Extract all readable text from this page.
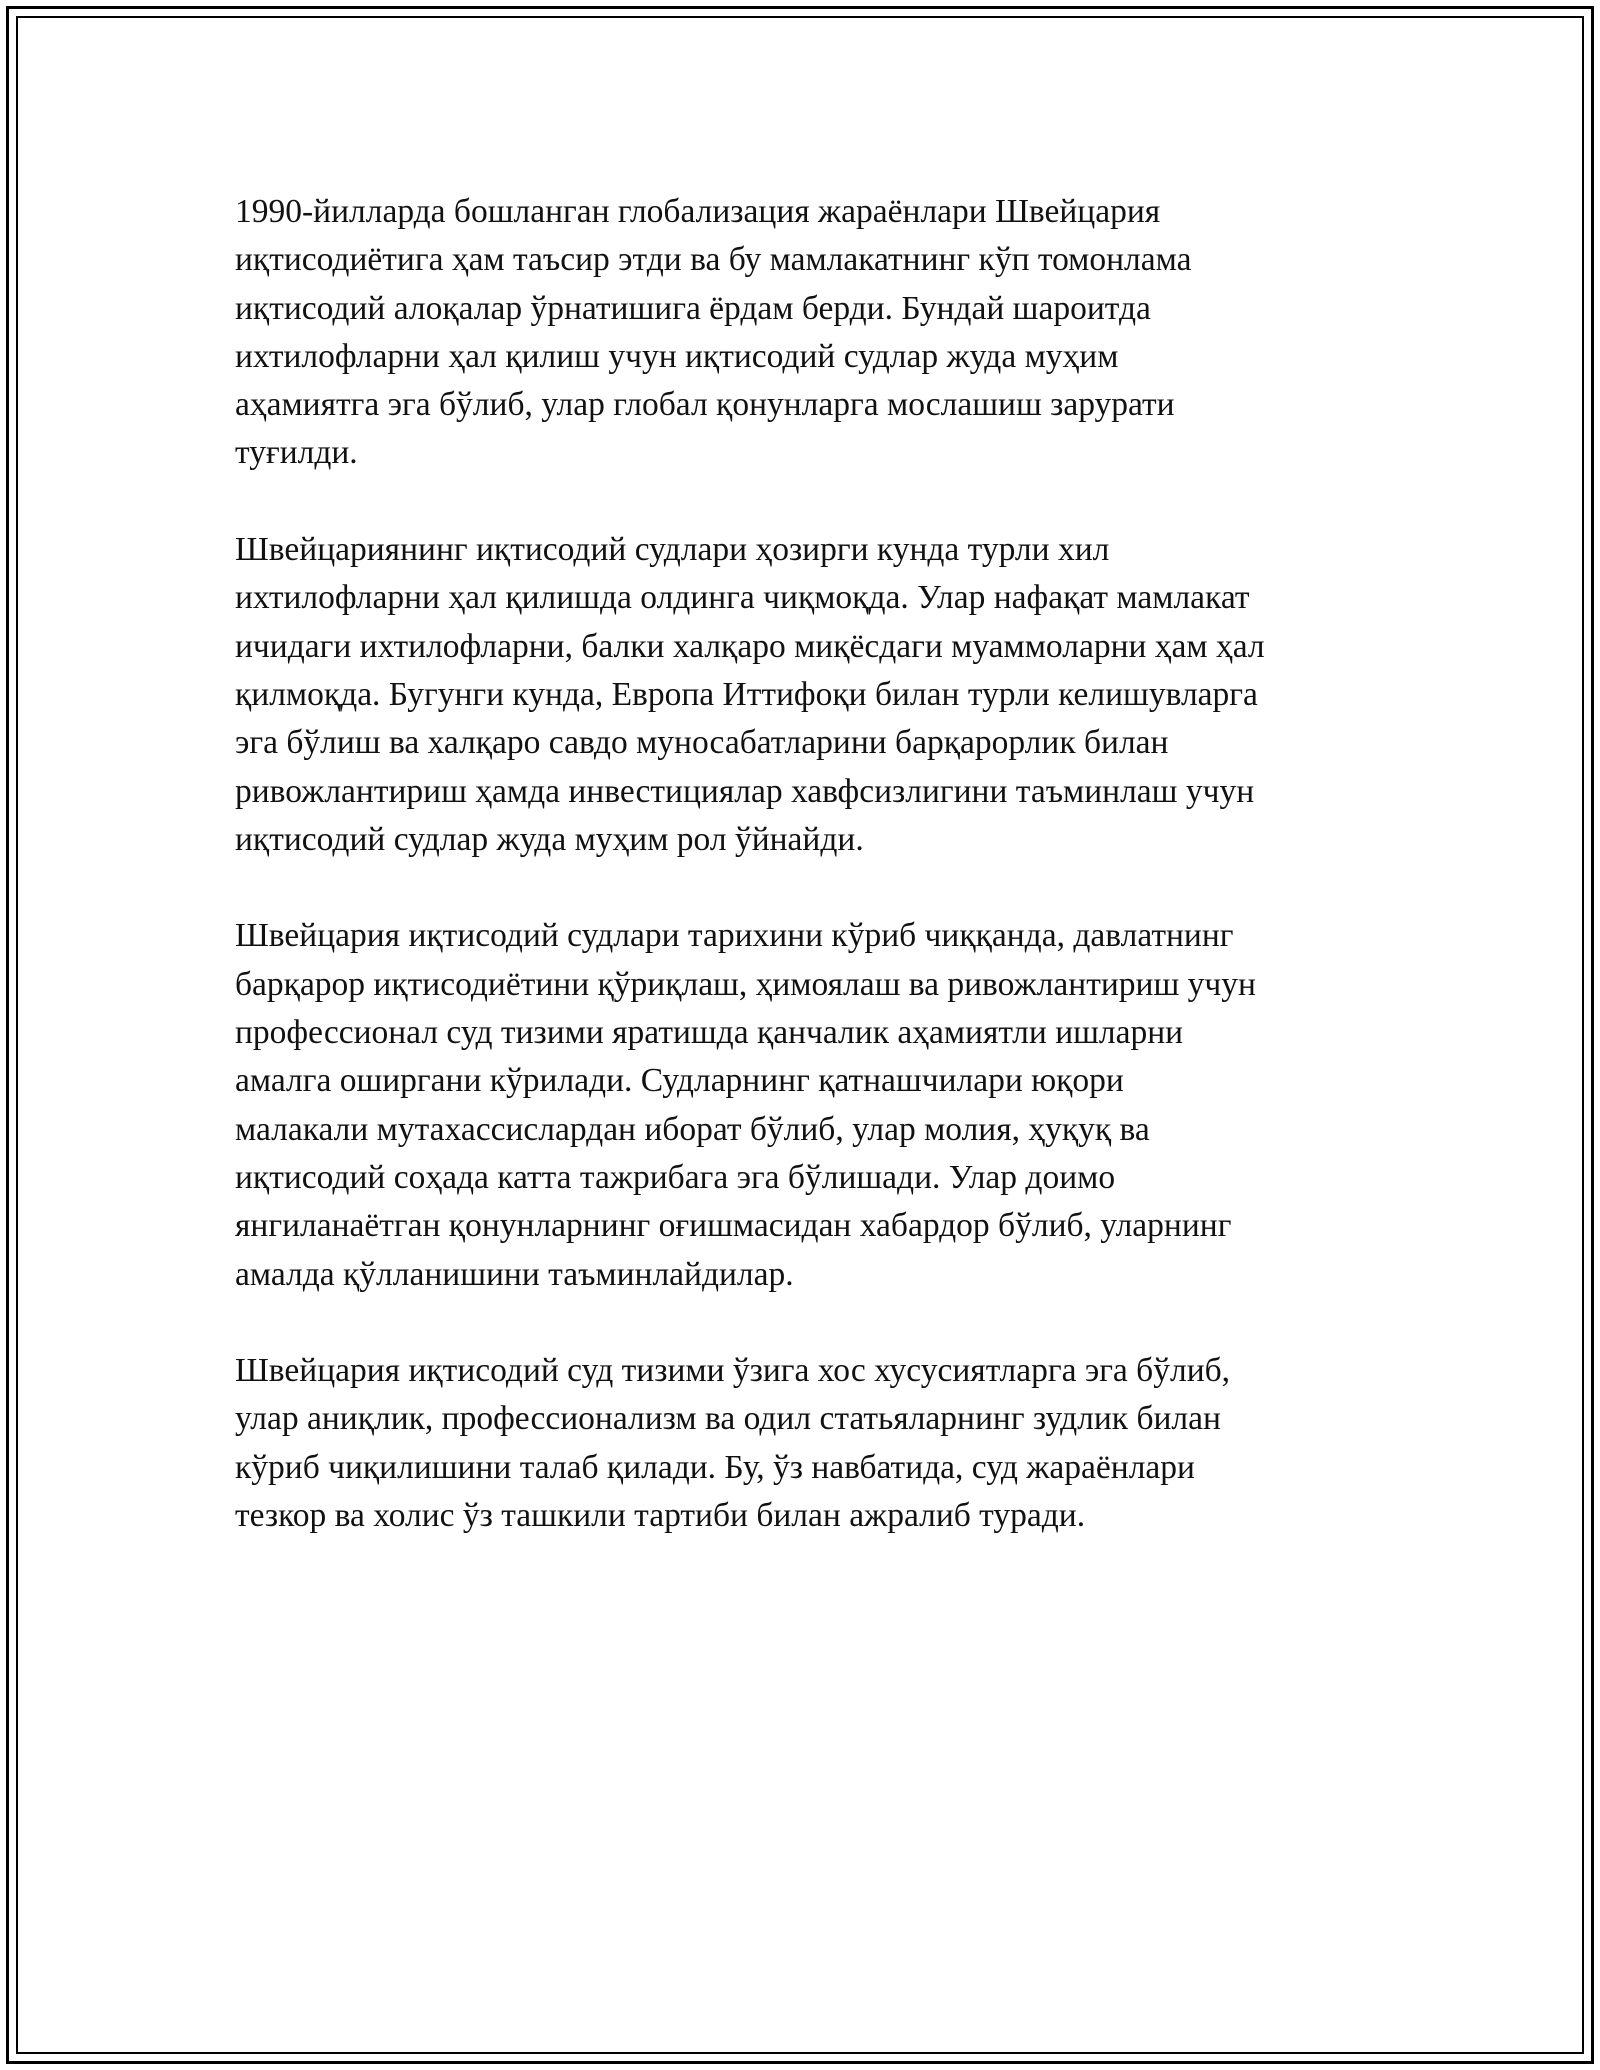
1990-йилларда бошланган глобализация жараёнлари Швейцария
иқтисодиётига ҳам таъсир этди ва бу мамлакатнинг кўп томонлама
иқтисодий алоқалар ўрнатишига ёрдам берди. Бундай шароитда
ихтилофларни ҳал қилиш учун иқтисодий судлар жуда муҳим
аҳамиятга эга бўлиб, улар глобал қонунларга мослашиш зарурати
туғилди.

Швейцариянинг иқтисодий судлари ҳозирги кунда турли хил
ихтилофларни ҳал қилишда олдинга чиқмоқда. Улар нафақат мамлакат
ичидаги ихтилофларни, балки халқаро миқёсдаги муаммоларни ҳам ҳал
қилмоқда. Бугунги кунда, Европа Иттифоқи билан турли келишувларга
эга бўлиш ва халқаро савдо муносабатларини барқарорлик билан
ривожлантириш ҳамда инвестициялар хавфсизлигини таъминлаш учун
иқтисодий судлар жуда муҳим рол ўйнайди.

Швейцария иқтисодий судлари тарихини кўриб чиққанда, давлатнинг
барқарор иқтисодиётини қўриқлаш, ҳимоялаш ва ривожлантириш учун
профессионал суд тизими яратишда қанчалик аҳамиятли ишларни
амалга оширгани кўрилади. Судларнинг қатнашчилари юқори
малакали мутахассислардан иборат бўлиб, улар молия, ҳуқуқ ва
иқтисодий соҳада катта тажрибага эга бўлишади. Улар доимо
янгиланаётган қонунларнинг оғишмасидан хабардор бўлиб, уларнинг
амалда қўлланишини таъминлайдилар.

Швейцария иқтисодий суд тизими ўзига хос хусусиятларга эга бўлиб,
улар аниқлик, профессионализм ва одил статьяларнинг зудлик билан
кўриб чиқилишини талаб қилади. Бу, ўз навбатида, суд жараёнлари
тезкор ва холис ўз ташкили тартиби билан ажралиб туради.
